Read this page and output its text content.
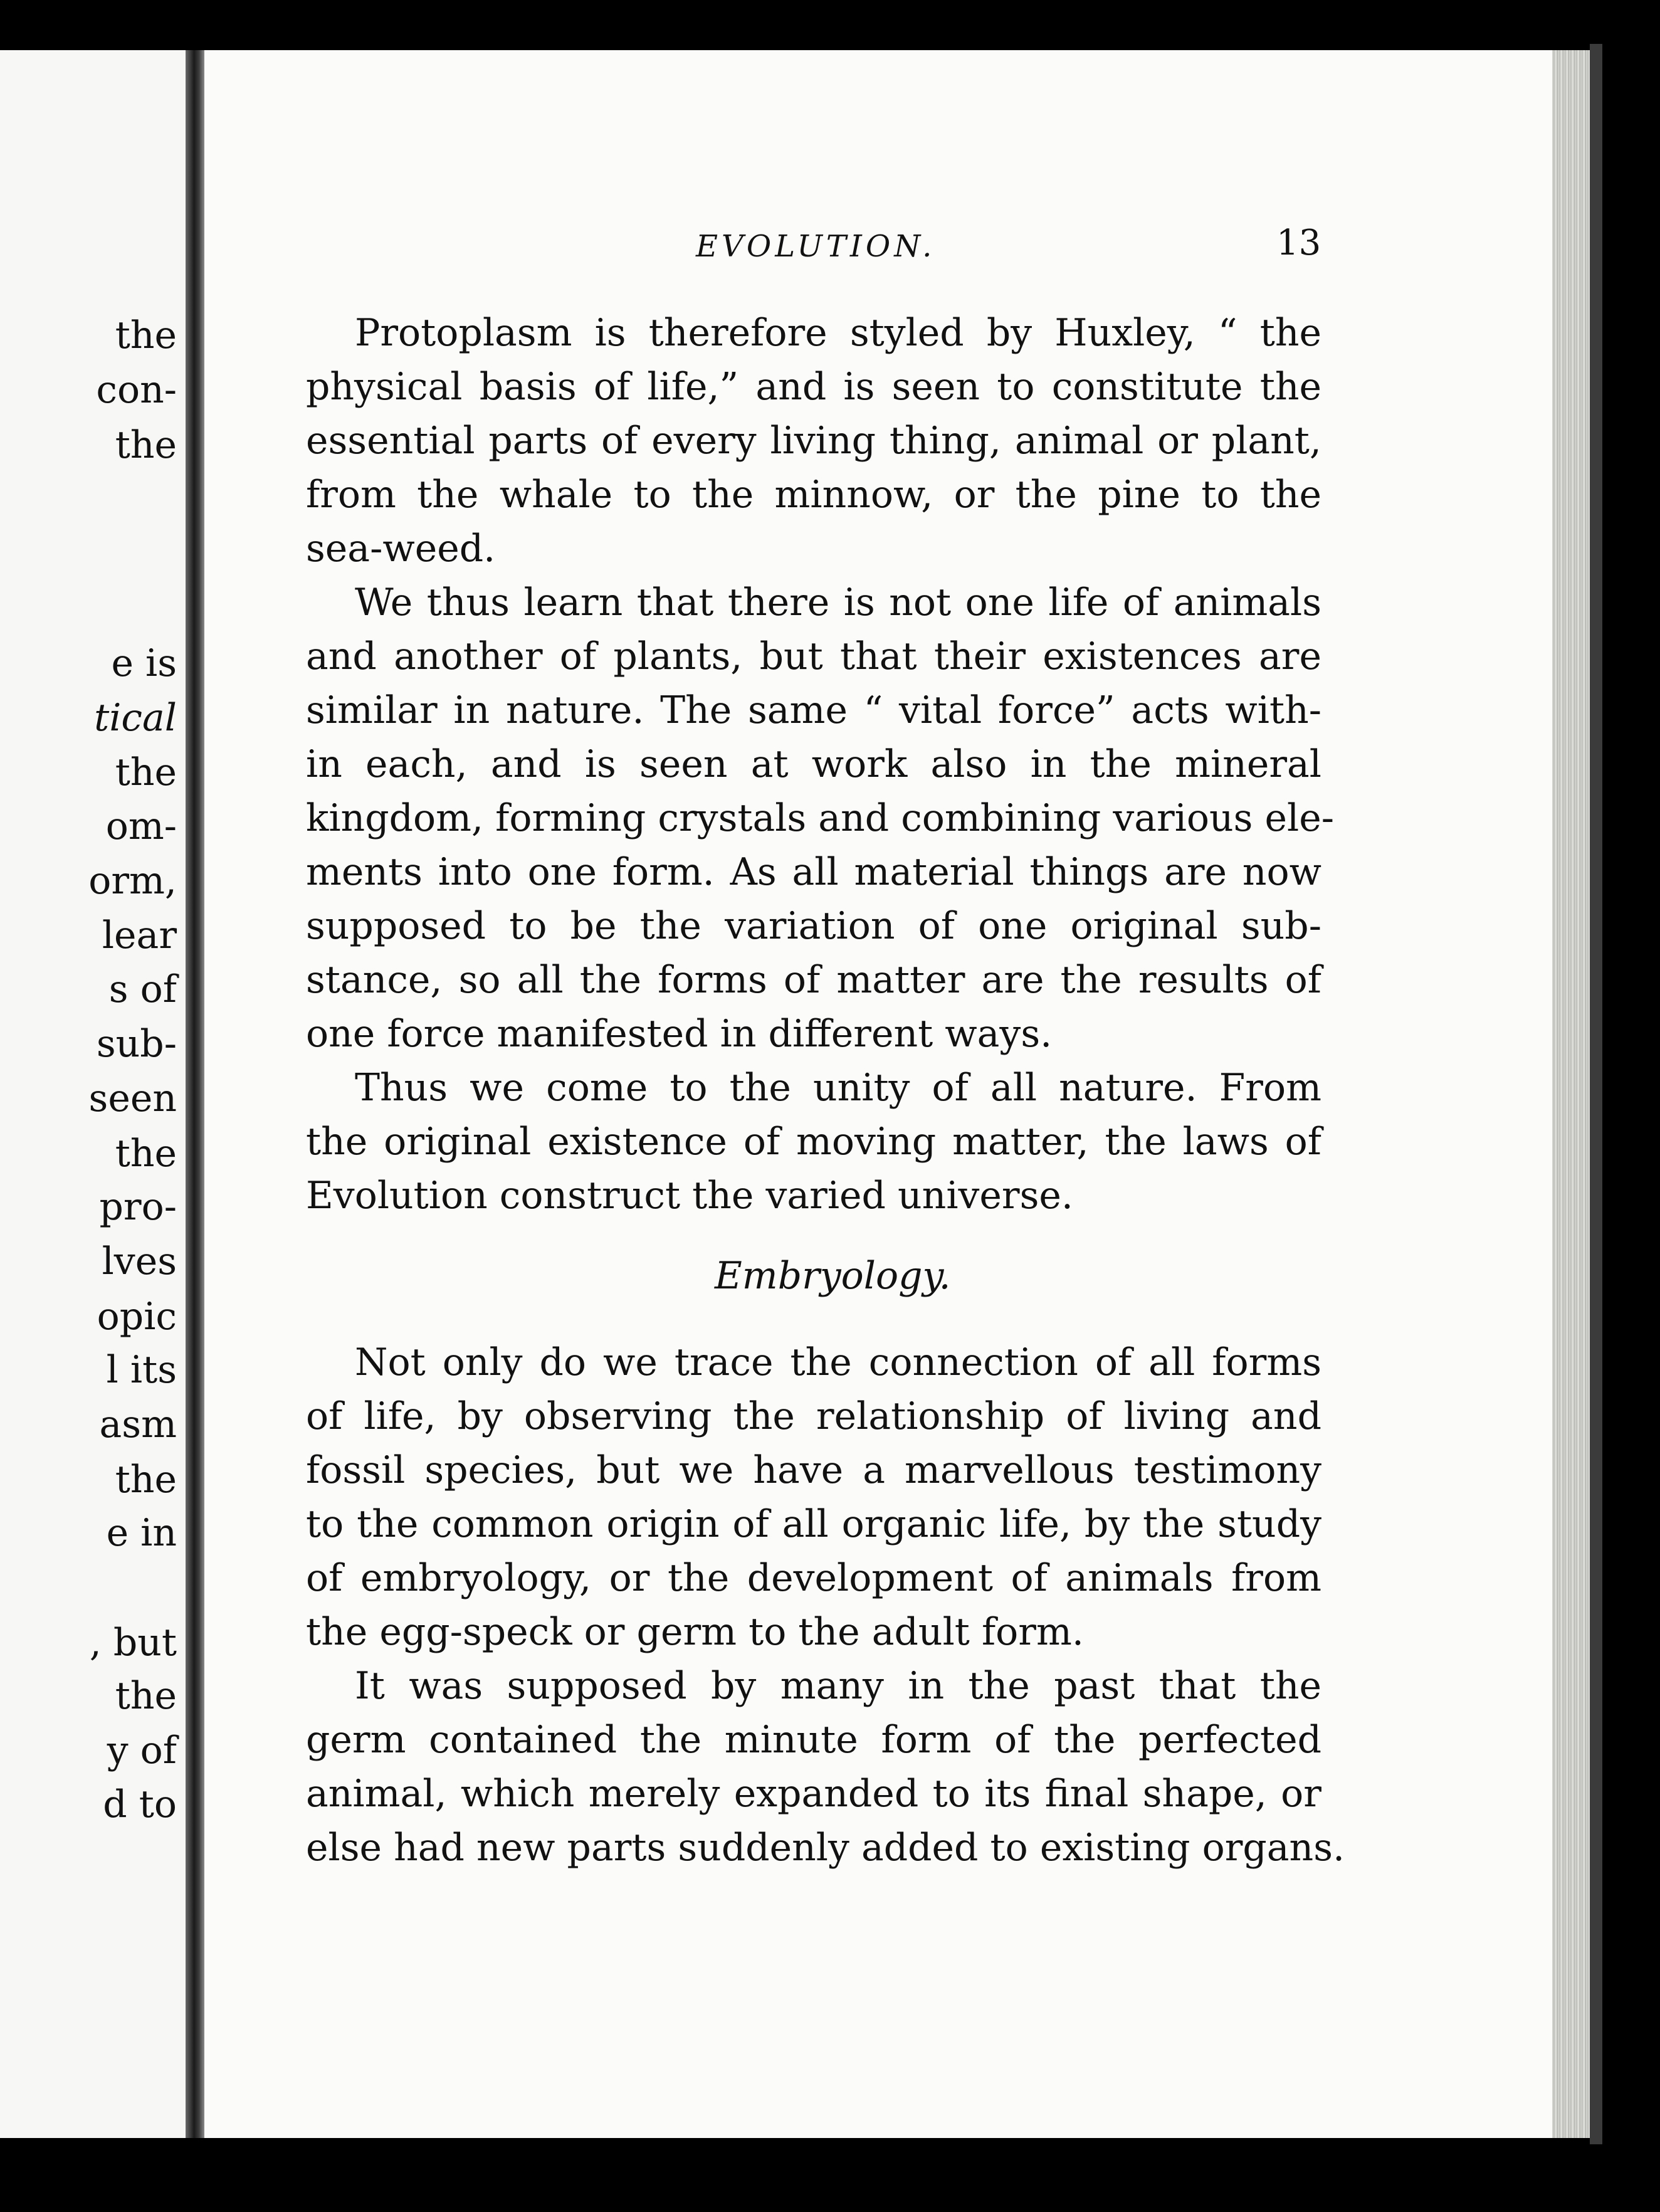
the
con-
the
e is
tical
the
om-
orm,
lear
s of
sub-
seen
the
pro-
lves
opic
l its
asm
the
e in
, but
the
y of
d to
EVOLUTION.	13
Protoplasm is therefore styled by Huxley, “ the
physical basis of life,” and is seen to constitute the
essential parts of every living thing, animal or plant,
from the whale to the minnow, or the pine to the
sea-weed.
We thus learn that there is not one life of animals
and another of plants, but that their existences are
similar in nature. The same “ vital force” acts with-
in each, and is seen at work also in the mineral
kingdom, forming crystals and combining various ele-
ments into one form. As all material things are now
supposed to be the variation of one original sub-
stance, so all the forms of matter are the results of
one force manifested in different ways.
Thus we come to the unity of all nature. From
the original existence of moving matter, the laws of
Evolution construct the varied universe.
Embryology.
Not only do we trace the connection of all forms
of life, by observing the relationship of living and
fossil species, but we have a marvellous testimony
to the common origin of all organic life, by the study
of embryology, or the development of animals from
the egg-speck or germ to the adult form.
It was supposed by many in the past that the
germ contained the minute form of the perfected
animal, which merely expanded to its final shape, or
else had new parts suddenly added to existing organs.
